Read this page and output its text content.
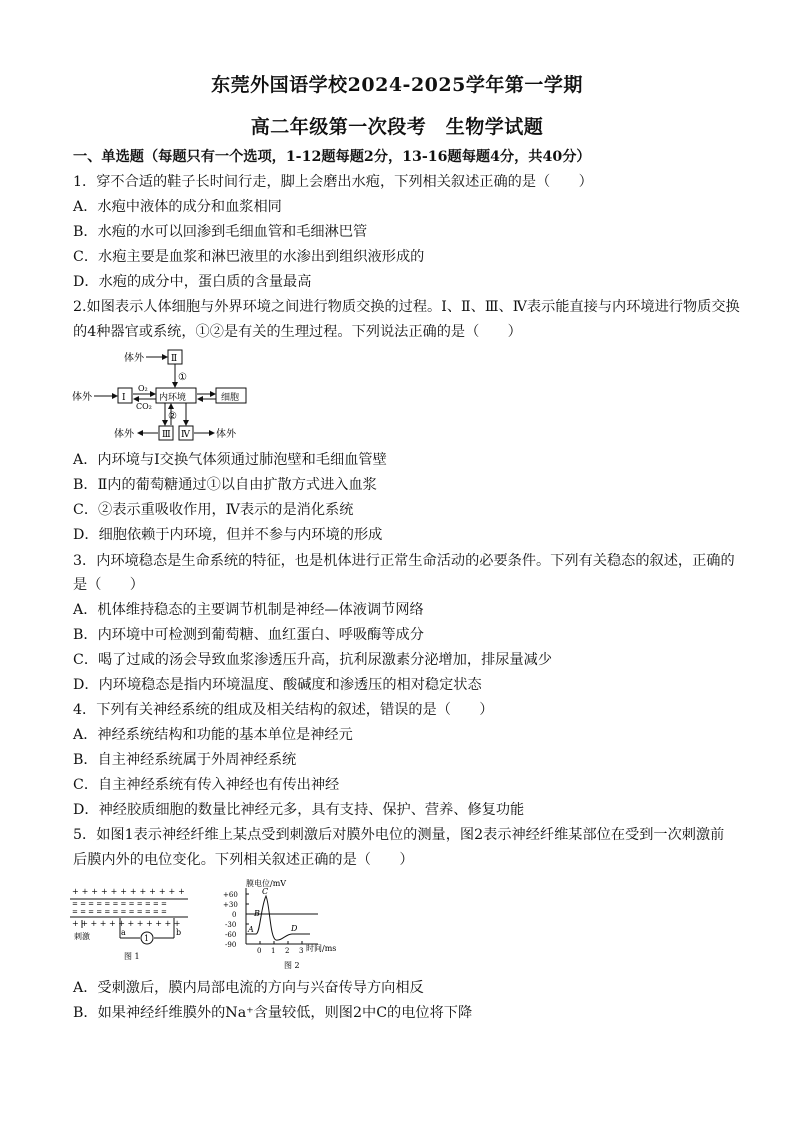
东莞外国语学校2024-2025学年第一学期
高二年级第一次段考　生物学试题
一、单选题（每题只有一个选项，1-12题每题2分，13-16题每题4分，共40分）
1．穿不合适的鞋子长时间行走，脚上会磨出水疱，下列相关叙述正确的是（　　）
A．水疱中液体的成分和血浆相同
B．水疱的水可以回渗到毛细血管和毛细淋巴管
C．水疱主要是血浆和淋巴液里的水渗出到组织液形成的
D．水疱的成分中，蛋白质的含量最高
2.如图表示人体细胞与外界环境之间进行物质交换的过程。Ⅰ、Ⅱ、Ⅲ、Ⅳ表示能直接与内环境进行物质交换
的4种器官或系统，①②是有关的生理过程。下列说法正确的是（　　）
体外	Ⅱ
①
体外	Ⅰ
O₂
CO₂
内环境	细胞
②
Ⅲ Ⅳ
体外	体外
A．内环境与Ⅰ交换气体须通过肺泡壁和毛细血管壁
B．Ⅱ内的葡萄糖通过①以自由扩散方式进入血浆
C．②表示重吸收作用，Ⅳ表示的是消化系统
D．细胞依赖于内环境，但并不参与内环境的形成
3．内环境稳态是生命系统的特征，也是机体进行正常生命活动的必要条件。下列有关稳态的叙述，正确的
是（　　）
A．机体维持稳态的主要调节机制是神经—体液调节网络
B．内环境中可检测到葡萄糖、血红蛋白、呼吸酶等成分
C．喝了过咸的汤会导致血浆渗透压升高，抗利尿激素分泌增加，排尿量减少
D．内环境稳态是指内环境温度、酸碱度和渗透压的相对稳定状态
4．下列有关神经系统的组成及相关结构的叙述，错误的是（　　）
A．神经系统结构和功能的基本单位是神经元
B．自主神经系统属于外周神经系统
C．自主神经系统有传入神经也有传出神经
D．神经胶质细胞的数量比神经元多，具有支持、保护、营养、修复功能
5．如图1表示神经纤维上某点受到刺激后对膜外电位的测量，图2表示神经纤维某部位在受到一次刺激前
后膜内外的电位变化。下列相关叙述正确的是（　　）
+ + + + + + + + + + + +
= = = = = = = = = = = =
= = = = = = = = = = = =
+ + + + + + + + + + + +
刺激	1
a	b
图 1
膜电位/mV
时间/ms
图 2
+60
+30
0
-30
-60
-90
0 1 2 3
A
B
C
D
A．受刺激后，膜内局部电流的方向与兴奋传导方向相反
B．如果神经纤维膜外的Na⁺含量较低，则图2中C的电位将下降
